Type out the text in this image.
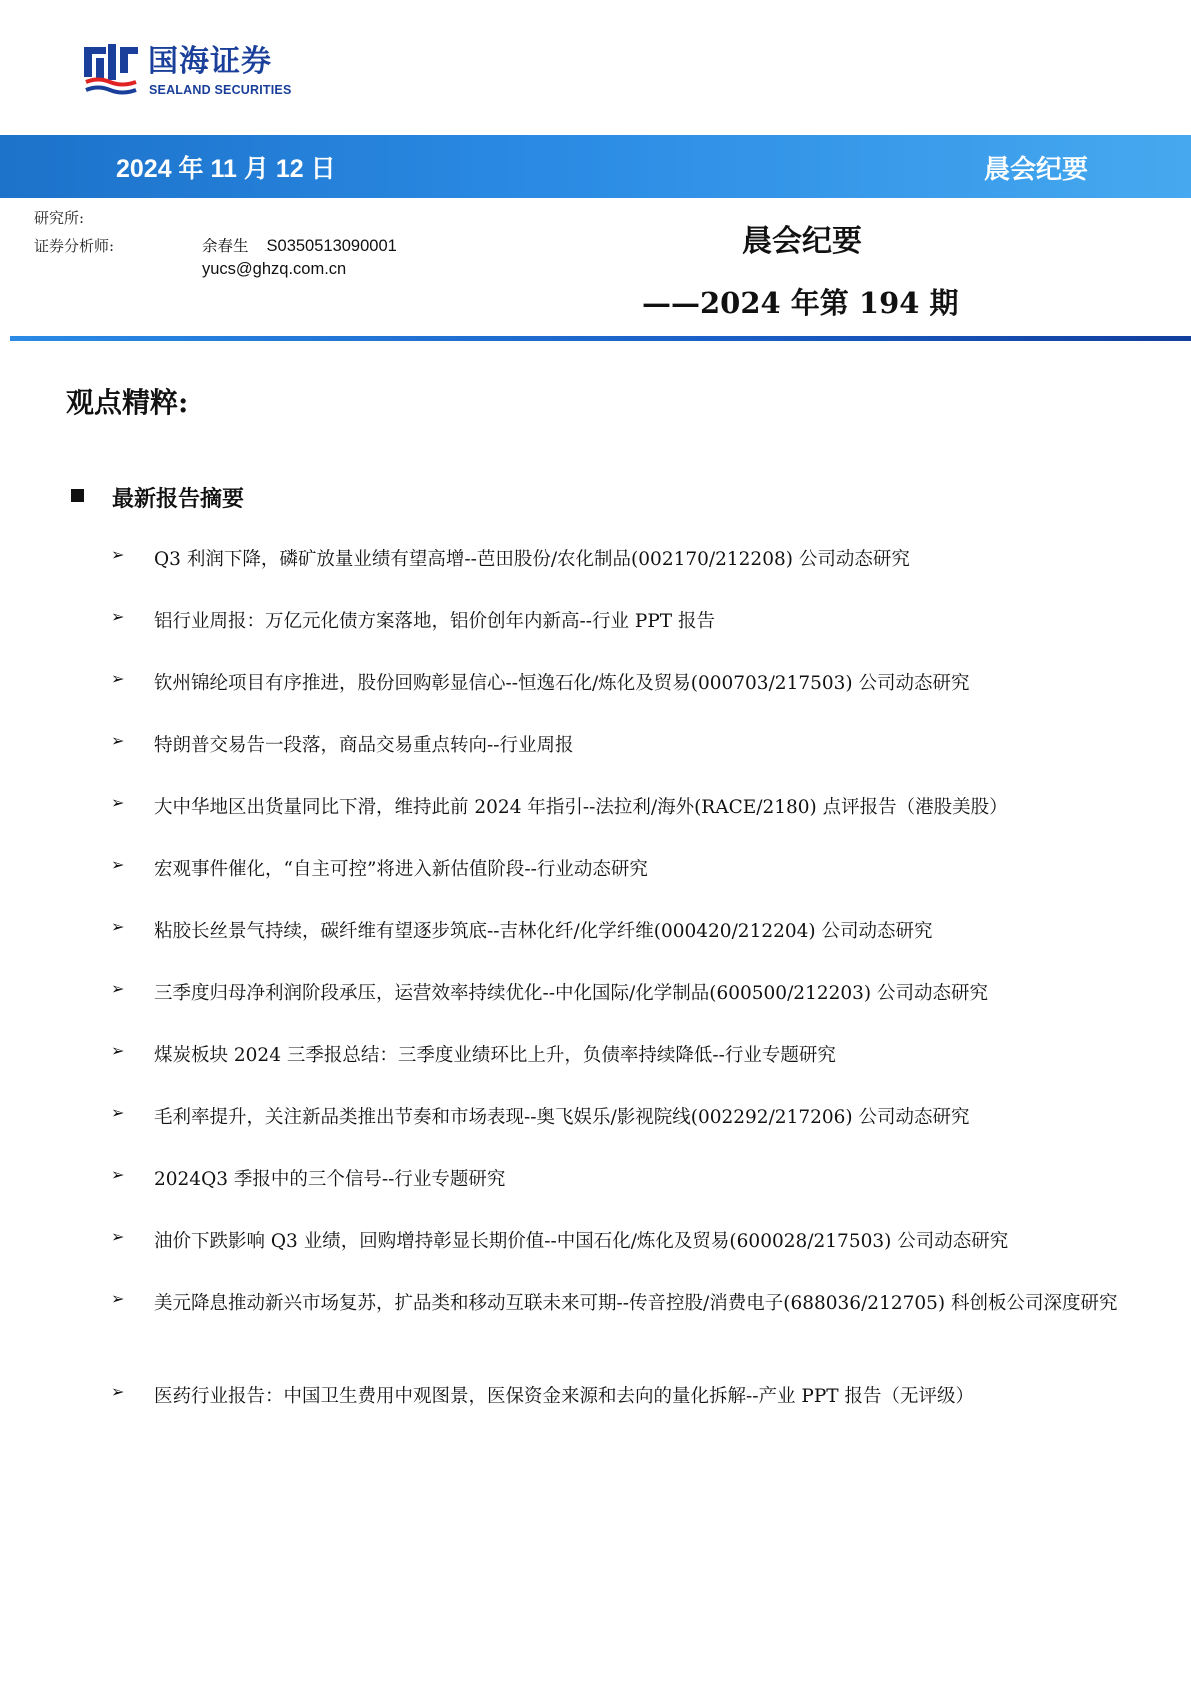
国海证券
SEALAND SECURITIES
2024 年 11 月 12 日	晨会纪要
研究所:
证券分析师:	余春生 S0350513090001
yucs@ghzq.com.cn
晨会纪要
——2024 年第 194 期
观点精粹:
最新报告摘要
➢ Q3 利润下降，磷矿放量业绩有望高增--芭田股份/农化制品(002170/212208) 公司动态研究
➢ 铝行业周报：万亿元化债方案落地，铝价创年内新高--行业 PPT 报告
➢ 钦州锦纶项目有序推进，股份回购彰显信心--恒逸石化/炼化及贸易(000703/217503) 公司动态研究
➢ 特朗普交易告一段落，商品交易重点转向--行业周报
➢ 大中华地区出货量同比下滑，维持此前 2024 年指引--法拉利/海外(RACE/2180) 点评报告（港股美股）
➢ 宏观事件催化，“自主可控”将进入新估值阶段--行业动态研究
➢ 粘胶长丝景气持续，碳纤维有望逐步筑底--吉林化纤/化学纤维(000420/212204) 公司动态研究
➢ 三季度归母净利润阶段承压，运营效率持续优化--中化国际/化学制品(600500/212203) 公司动态研究
➢ 煤炭板块 2024 三季报总结：三季度业绩环比上升，负债率持续降低--行业专题研究
➢ 毛利率提升，关注新品类推出节奏和市场表现--奥飞娱乐/影视院线(002292/217206) 公司动态研究
➢ 2024Q3 季报中的三个信号--行业专题研究
➢ 油价下跌影响 Q3 业绩，回购增持彰显长期价值--中国石化/炼化及贸易(600028/217503) 公司动态研究
➢ 美元降息推动新兴市场复苏，扩品类和移动互联未来可期--传音控股/消费电子(688036/212705) 科创板公司深度研究
➢ 医药行业报告：中国卫生费用中观图景，医保资金来源和去向的量化拆解--产业 PPT 报告（无评级）
